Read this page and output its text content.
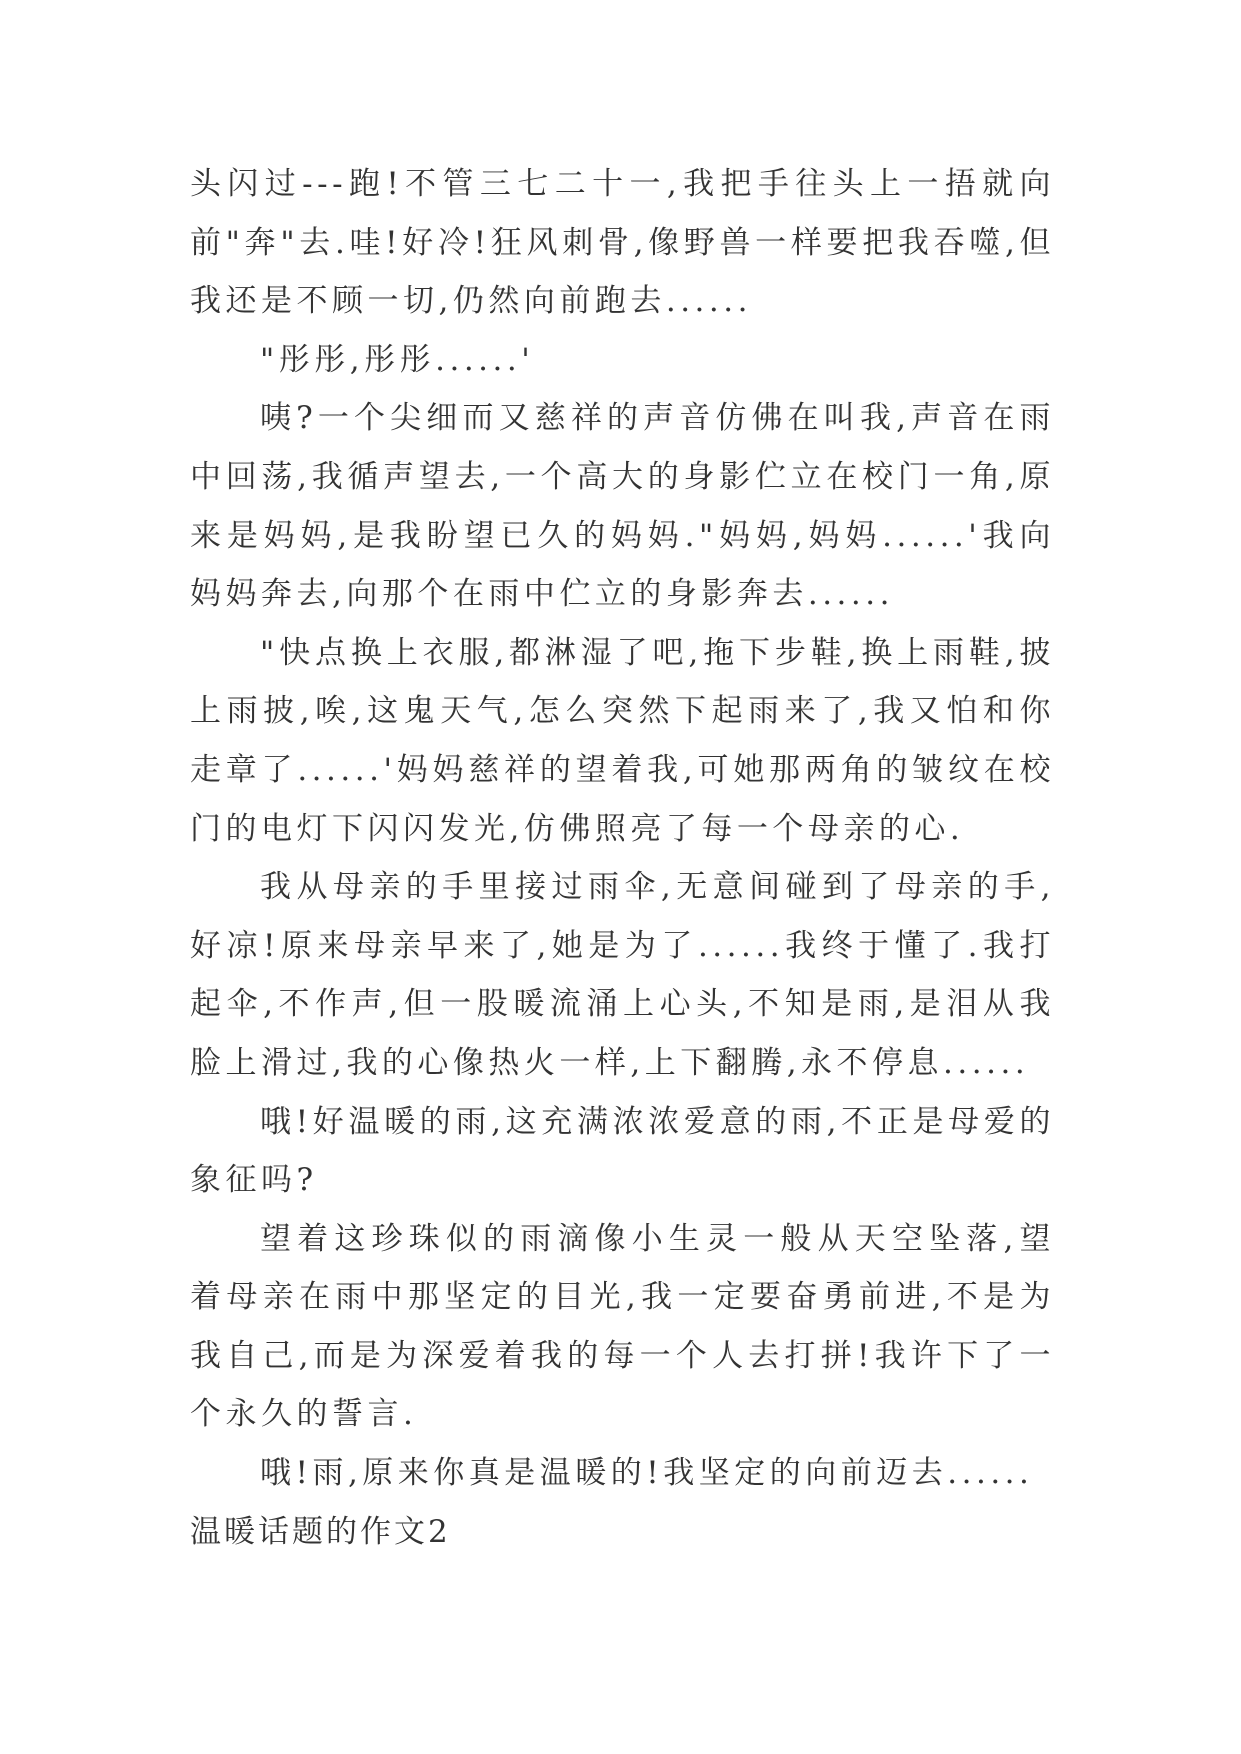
头闪过---跑!不管三七二十一,我把手往头上一捂就向前"奔"去.哇!好冷!狂风刺骨,像野兽一样要把我吞噬,但我还是不顾一切,仍然向前跑去......

"彤彤,彤彤......'

咦?一个尖细而又慈祥的声音仿佛在叫我,声音在雨中回荡,我循声望去,一个高大的身影伫立在校门一角,原来是妈妈,是我盼望已久的妈妈."妈妈,妈妈......'我向妈妈奔去,向那个在雨中伫立的身影奔去......

"快点换上衣服,都淋湿了吧,拖下步鞋,换上雨鞋,披上雨披,唉,这鬼天气,怎么突然下起雨来了,我又怕和你走章了......'妈妈慈祥的望着我,可她那两角的皱纹在校门的电灯下闪闪发光,仿佛照亮了每一个母亲的心.

我从母亲的手里接过雨伞,无意间碰到了母亲的手,好凉!原来母亲早来了,她是为了......我终于懂了.我打起伞,不作声,但一股暖流涌上心头,不知是雨,是泪从我脸上滑过,我的心像热火一样,上下翻腾,永不停息......

哦!好温暖的雨,这充满浓浓爱意的雨,不正是母爱的象征吗?

望着这珍珠似的雨滴像小生灵一般从天空坠落,望着母亲在雨中那坚定的目光,我一定要奋勇前进,不是为我自己,而是为深爱着我的每一个人去打拼!我许下了一个永久的誓言.

哦!雨,原来你真是温暖的!我坚定的向前迈去......

温暖话题的作文2
